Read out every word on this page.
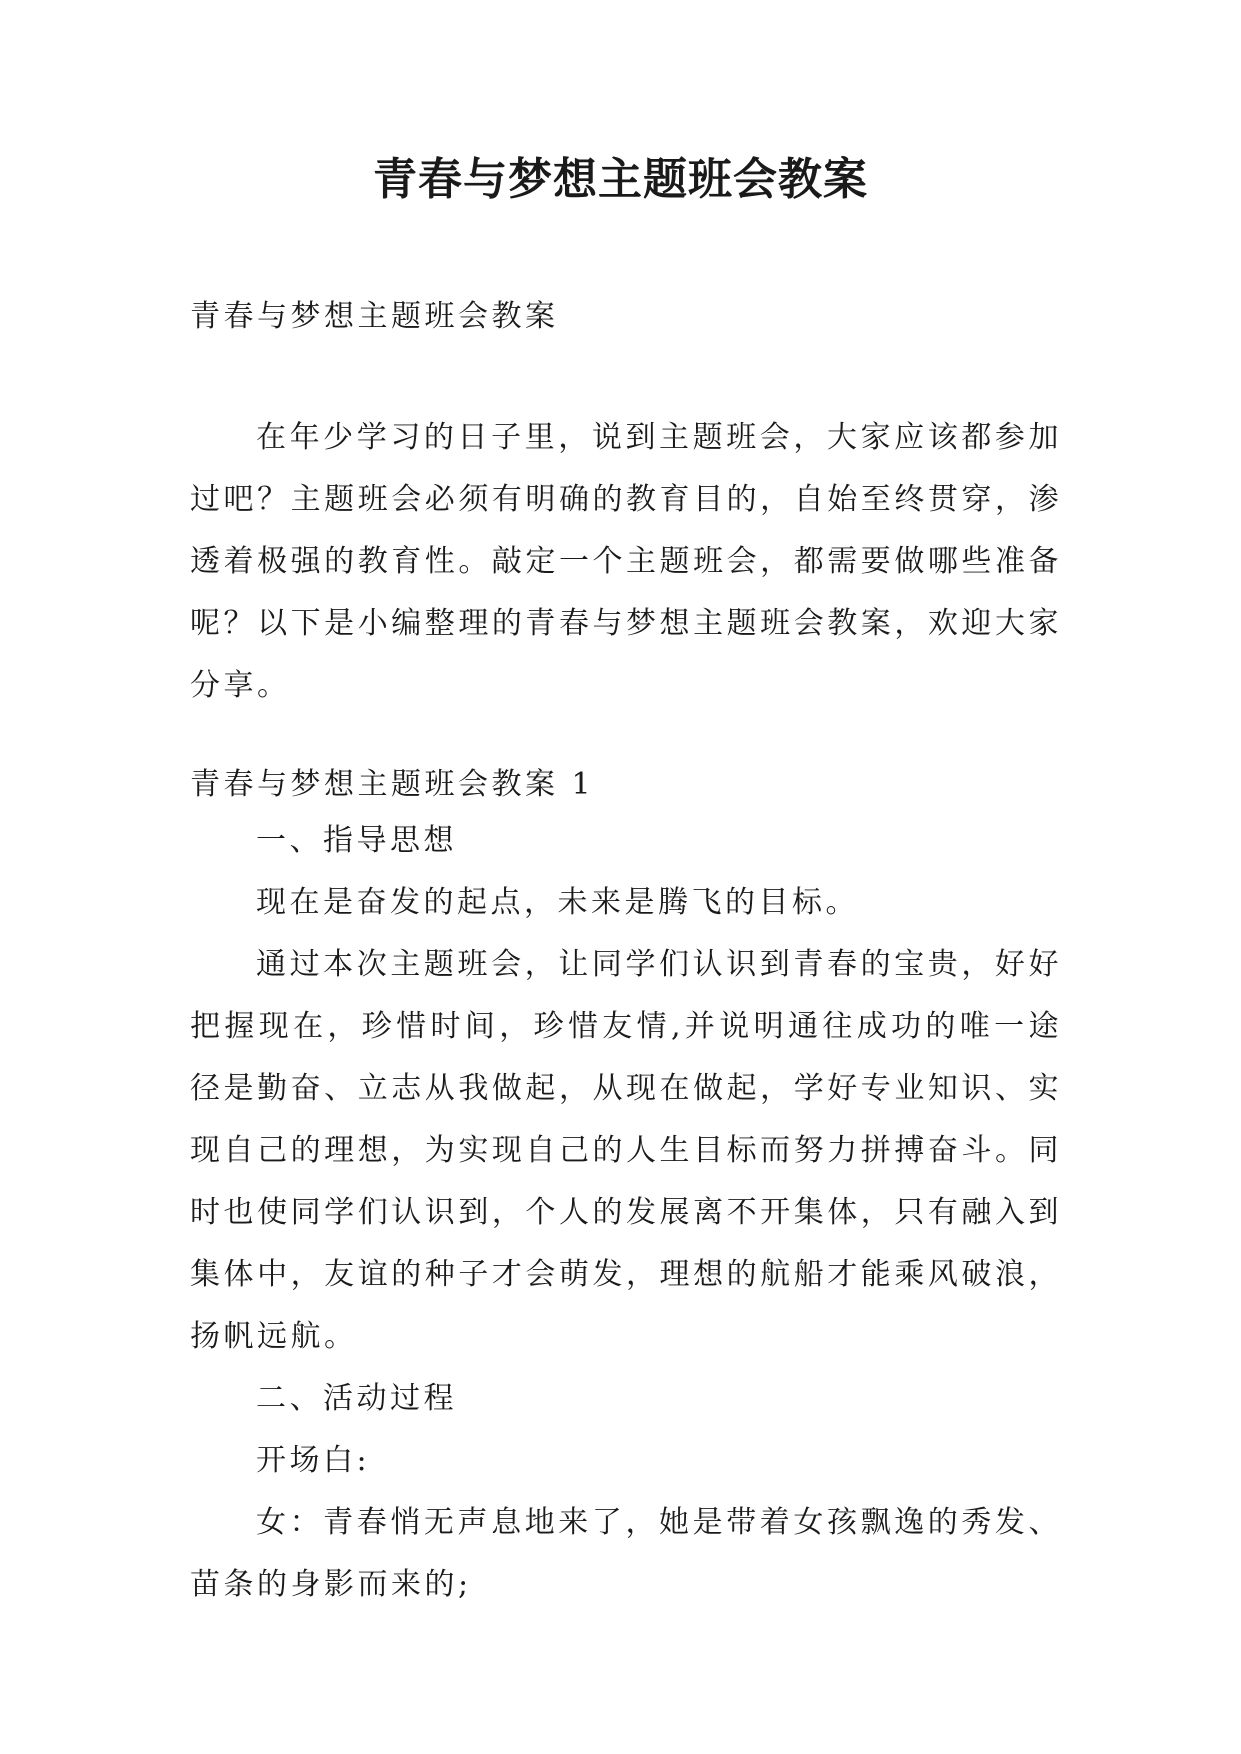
青春与梦想主题班会教案

青春与梦想主题班会教案

在年少学习的日子里，说到主题班会，大家应该都参加过吧？主题班会必须有明确的教育目的，自始至终贯穿，渗透着极强的教育性。敲定一个主题班会，都需要做哪些准备呢？以下是小编整理的青春与梦想主题班会教案，欢迎大家分享。

青春与梦想主题班会教案 1

一、指导思想

现在是奋发的起点，未来是腾飞的目标。

通过本次主题班会，让同学们认识到青春的宝贵，好好把握现在，珍惜时间，珍惜友情,并说明通往成功的唯一途径是勤奋、立志从我做起，从现在做起，学好专业知识、实现自己的理想，为实现自己的人生目标而努力拼搏奋斗。同时也使同学们认识到，个人的发展离不开集体，只有融入到集体中，友谊的种子才会萌发，理想的航船才能乘风破浪，扬帆远航。

二、活动过程

开场白:

女：青春悄无声息地来了，她是带着女孩飘逸的秀发、苗条的身影而来的;
